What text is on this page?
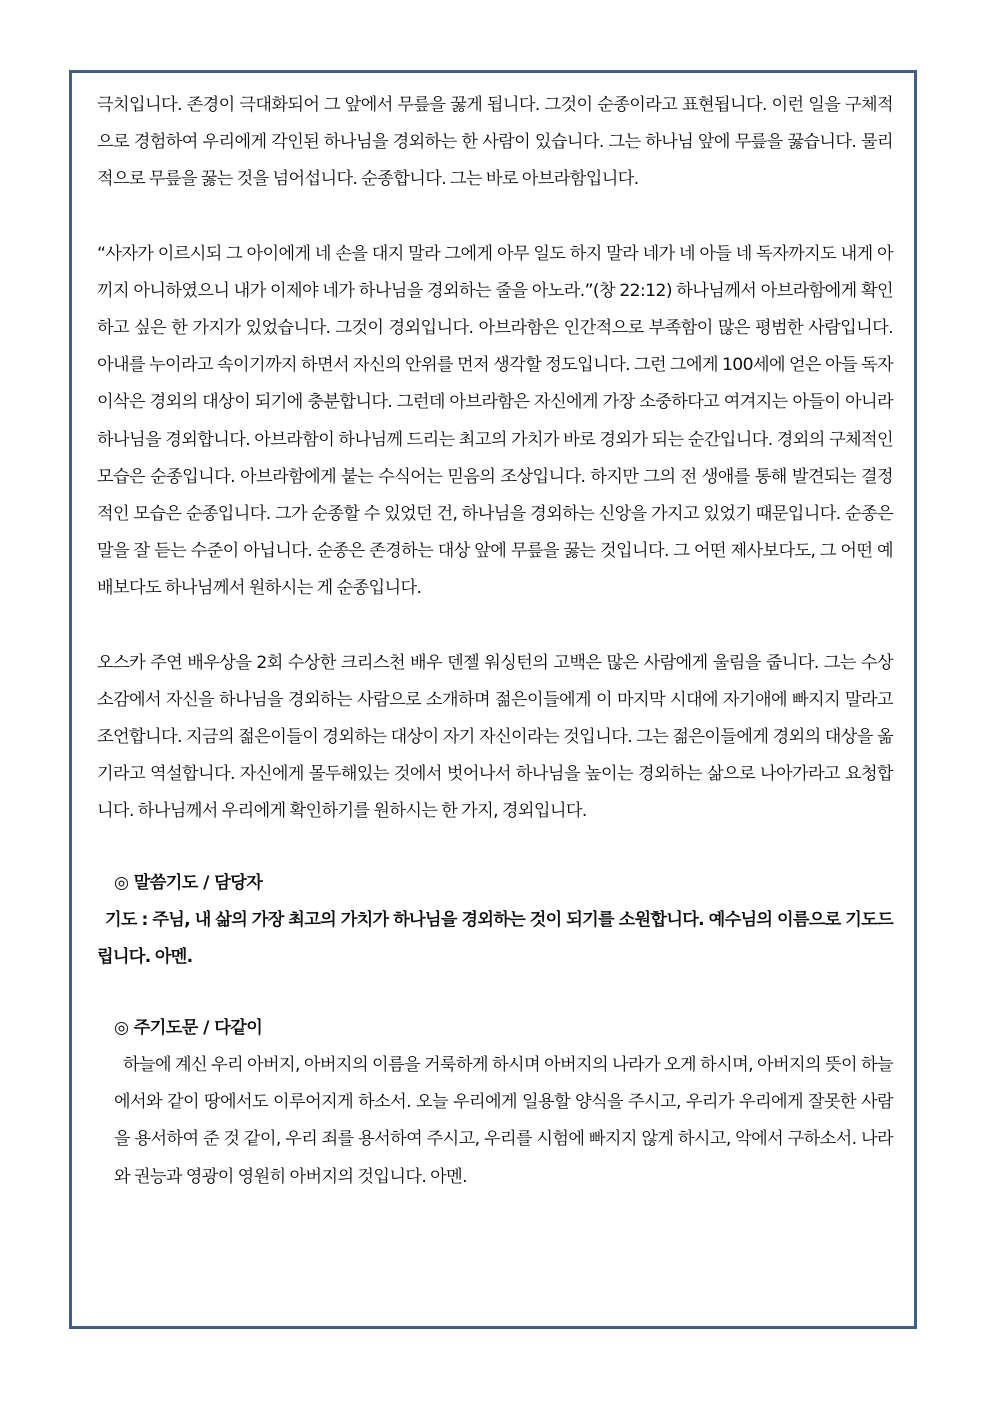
극치입니다. 존경이 극대화되어 그 앞에서 무릎을 꿇게 됩니다. 그것이 순종이라고 표현됩니다. 이런 일을 구체적으로 경험하여 우리에게 각인된 하나님을 경외하는 한 사람이 있습니다. 그는 하나님 앞에 무릎을 꿇습니다. 물리적으로 무릎을 꿇는 것을 넘어섭니다. 순종합니다. 그는 바로 아브라함입니다.

“사자가 이르시되 그 아이에게 네 손을 대지 말라 그에게 아무 일도 하지 말라 네가 네 아들 네 독자까지도 내게 아끼지 아니하였으니 내가 이제야 네가 하나님을 경외하는 줄을 아노라.”(창 22:12) 하나님께서 아브라함에게 확인하고 싶은 한 가지가 있었습니다. 그것이 경외입니다. 아브라함은 인간적으로 부족함이 많은 평범한 사람입니다. 아내를 누이라고 속이기까지 하면서 자신의 안위를 먼저 생각할 정도입니다. 그런 그에게 100세에 얻은 아들 독자 이삭은 경외의 대상이 되기에 충분합니다. 그런데 아브라함은 자신에게 가장 소중하다고 여겨지는 아들이 아니라 하나님을 경외합니다. 아브라함이 하나님께 드리는 최고의 가치가 바로 경외가 되는 순간입니다. 경외의 구체적인 모습은 순종입니다. 아브라함에게 붙는 수식어는 믿음의 조상입니다. 하지만 그의 전 생애를 통해 발견되는 결정적인 모습은 순종입니다. 그가 순종할 수 있었던 건, 하나님을 경외하는 신앙을 가지고 있었기 때문입니다. 순종은 말을 잘 듣는 수준이 아닙니다. 순종은 존경하는 대상 앞에 무릎을 꿇는 것입니다. 그 어떤 제사보다도, 그 어떤 예배보다도 하나님께서 원하시는 게 순종입니다.

오스카 주연 배우상을 2회 수상한 크리스천 배우 덴젤 워싱턴의 고백은 많은 사람에게 울림을 줍니다. 그는 수상 소감에서 자신을 하나님을 경외하는 사람으로 소개하며 젊은이들에게 이 마지막 시대에 자기애에 빠지지 말라고 조언합니다. 지금의 젊은이들이 경외하는 대상이 자기 자신이라는 것입니다. 그는 젊은이들에게 경외의 대상을 옮기라고 역설합니다. 자신에게 몰두해있는 것에서 벗어나서 하나님을 높이는 경외하는 삶으로 나아가라고 요청합니다. 하나님께서 우리에게 확인하기를 원하시는 한 가지, 경외입니다.

◎ 말씀기도 / 담당자

기도 : 주님, 내 삶의 가장 최고의 가치가 하나님을 경외하는 것이 되기를 소원합니다. 예수님의 이름으로 기도드립니다. 아멘.

◎ 주기도문 / 다같이

하늘에 계신 우리 아버지, 아버지의 이름을 거룩하게 하시며 아버지의 나라가 오게 하시며, 아버지의 뜻이 하늘에서와 같이 땅에서도 이루어지게 하소서. 오늘 우리에게 일용할 양식을 주시고, 우리가 우리에게 잘못한 사람을 용서하여 준 것 같이, 우리 죄를 용서하여 주시고, 우리를 시험에 빠지지 않게 하시고, 악에서 구하소서. 나라와 권능과 영광이 영원히 아버지의 것입니다. 아멘.
